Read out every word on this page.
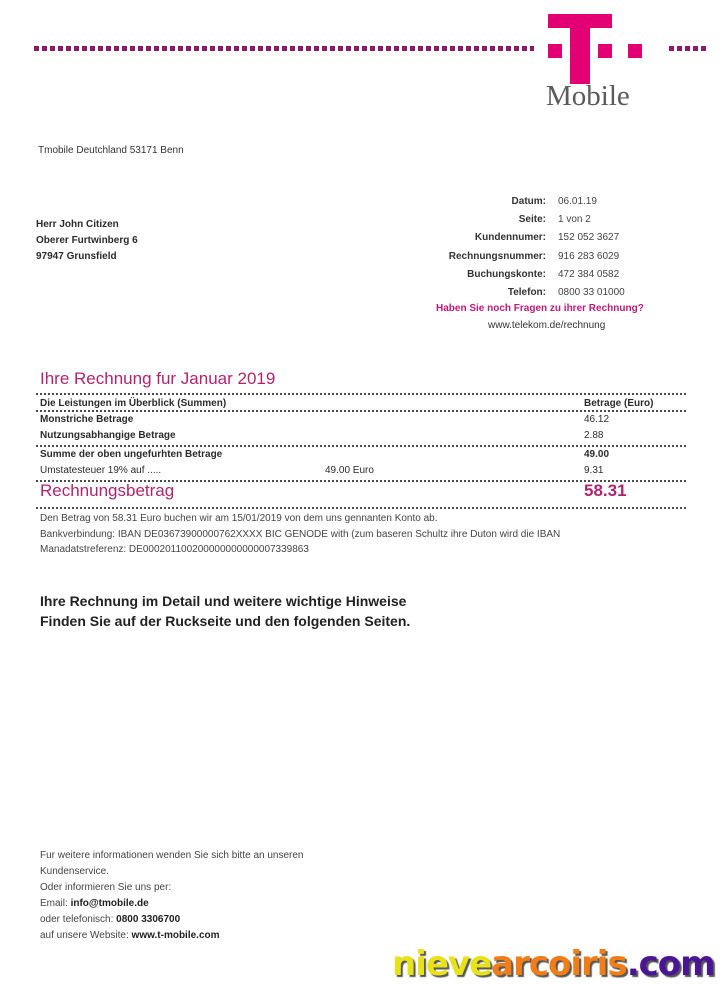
Mobile
Tmobile Deutchland 53171 Benn
Herr John Citizen
Oberer Furtwinberg 6
97947 Grunsfield
Datum:	06.01.19
Seite:	1 von 2
Kundennumer:	152 052 3627
Rechnungsnummer:	916 283 6029
Buchungskonte:	472 384 0582
Telefon:	0800 33 01000
Haben Sie noch Fragen zu ihrer Rechnung?
www.telekom.de/rechnung
Ihre Rechnung fur Januar 2019
Die Leistungen im Überblick (Summen)	Betrage (Euro)
Monstriche Betrage	46.12
Nutzungsabhangige Betrage	2.88
Summe der oben ungefurhten Betrage	49.00
Umstatesteuer 19% auf .....	49.00 Euro	9.31
Rechnungsbetrag	58.31
Den Betrag von 58.31 Euro buchen wir am 15/01/2019 von dem uns gennanten Konto ab.
Bankverbindung: IBAN DE03673900000762XXXX BIC GENODE with (zum baseren Schultz ihre Duton wird die IBAN
Manadatstreferenz: DE000201100200000000000007339863
Ihre Rechnung im Detail und weitere wichtige Hinweise
Finden Sie auf der Ruckseite und den folgenden Seiten.
Fur weitere informationen wenden Sie sich bitte an unseren
Kundenservice.
Oder informieren Sie uns per:
Email: info@tmobile.de
oder telefonisch: 0800 3306700
auf unsere Website: www.t-mobile.com
nievearcoiris.com
